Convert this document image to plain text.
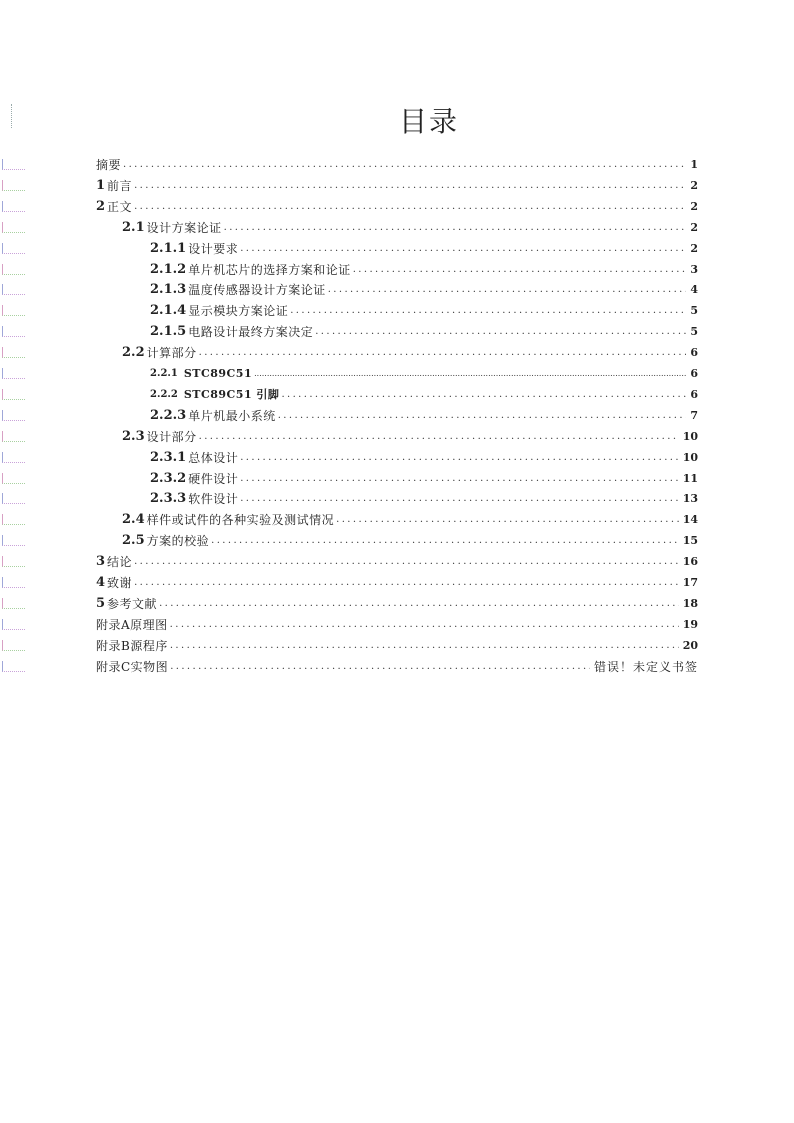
目录
摘要 .....	1
1 前言 .....	2
2 正文 .....	2
2.1 设计方案论证 .....	2
2.1.1 设计要求 .....	2
2.1.2 单片机芯片的选择方案和论证 .....	3
2.1.3 温度传感器设计方案论证 .....	4
2.1.4 显示模块方案论证 .....	5
2.1.5 电路设计最终方案决定 .....	5
2.2 计算部分 .....	6
2.2.1 STC89C51 .....	6
2.2.2 STC89C51 引脚 .....	6
2.2.3 单片机最小系统 .....	7
2.3 设计部分 .....	10
2.3.1 总体设计 .....	10
2.3.2 硬件设计 .....	11
2.3.3 软件设计 .....	13
2.4 样件或试件的各种实验及测试情况 .....	14
2.5 方案的校验 .....	15
3 结论 .....	16
4 致谢 .....	17
5 参考文献 .....	18
附录A原理图 .....	19
附录B源程序 .....	20
附录C实物图 .....	错误！未定义书签
